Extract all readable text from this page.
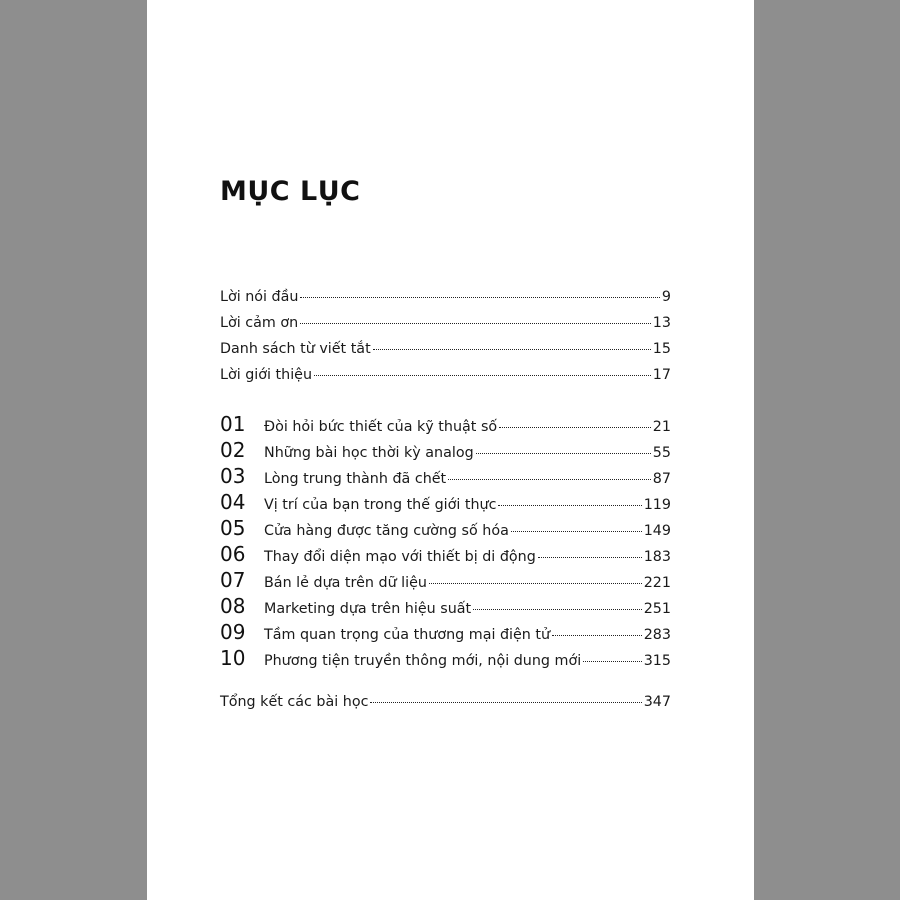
MỤC LỤC
Lời nói đầu	9
Lời cảm ơn	13
Danh sách từ viết tắt	15
Lời giới thiệu	17
01	Đòi hỏi bức thiết của kỹ thuật số	21
02	Những bài học thời kỳ analog	55
03	Lòng trung thành đã chết	87
04	Vị trí của bạn trong thế giới thực	119
05	Cửa hàng được tăng cường số hóa	149
06	Thay đổi diện mạo với thiết bị di động	183
07	Bán lẻ dựa trên dữ liệu	221
08	Marketing dựa trên hiệu suất	251
09	Tầm quan trọng của thương mại điện tử	283
10	Phương tiện truyền thông mới, nội dung mới	315
Tổng kết các bài học	347
